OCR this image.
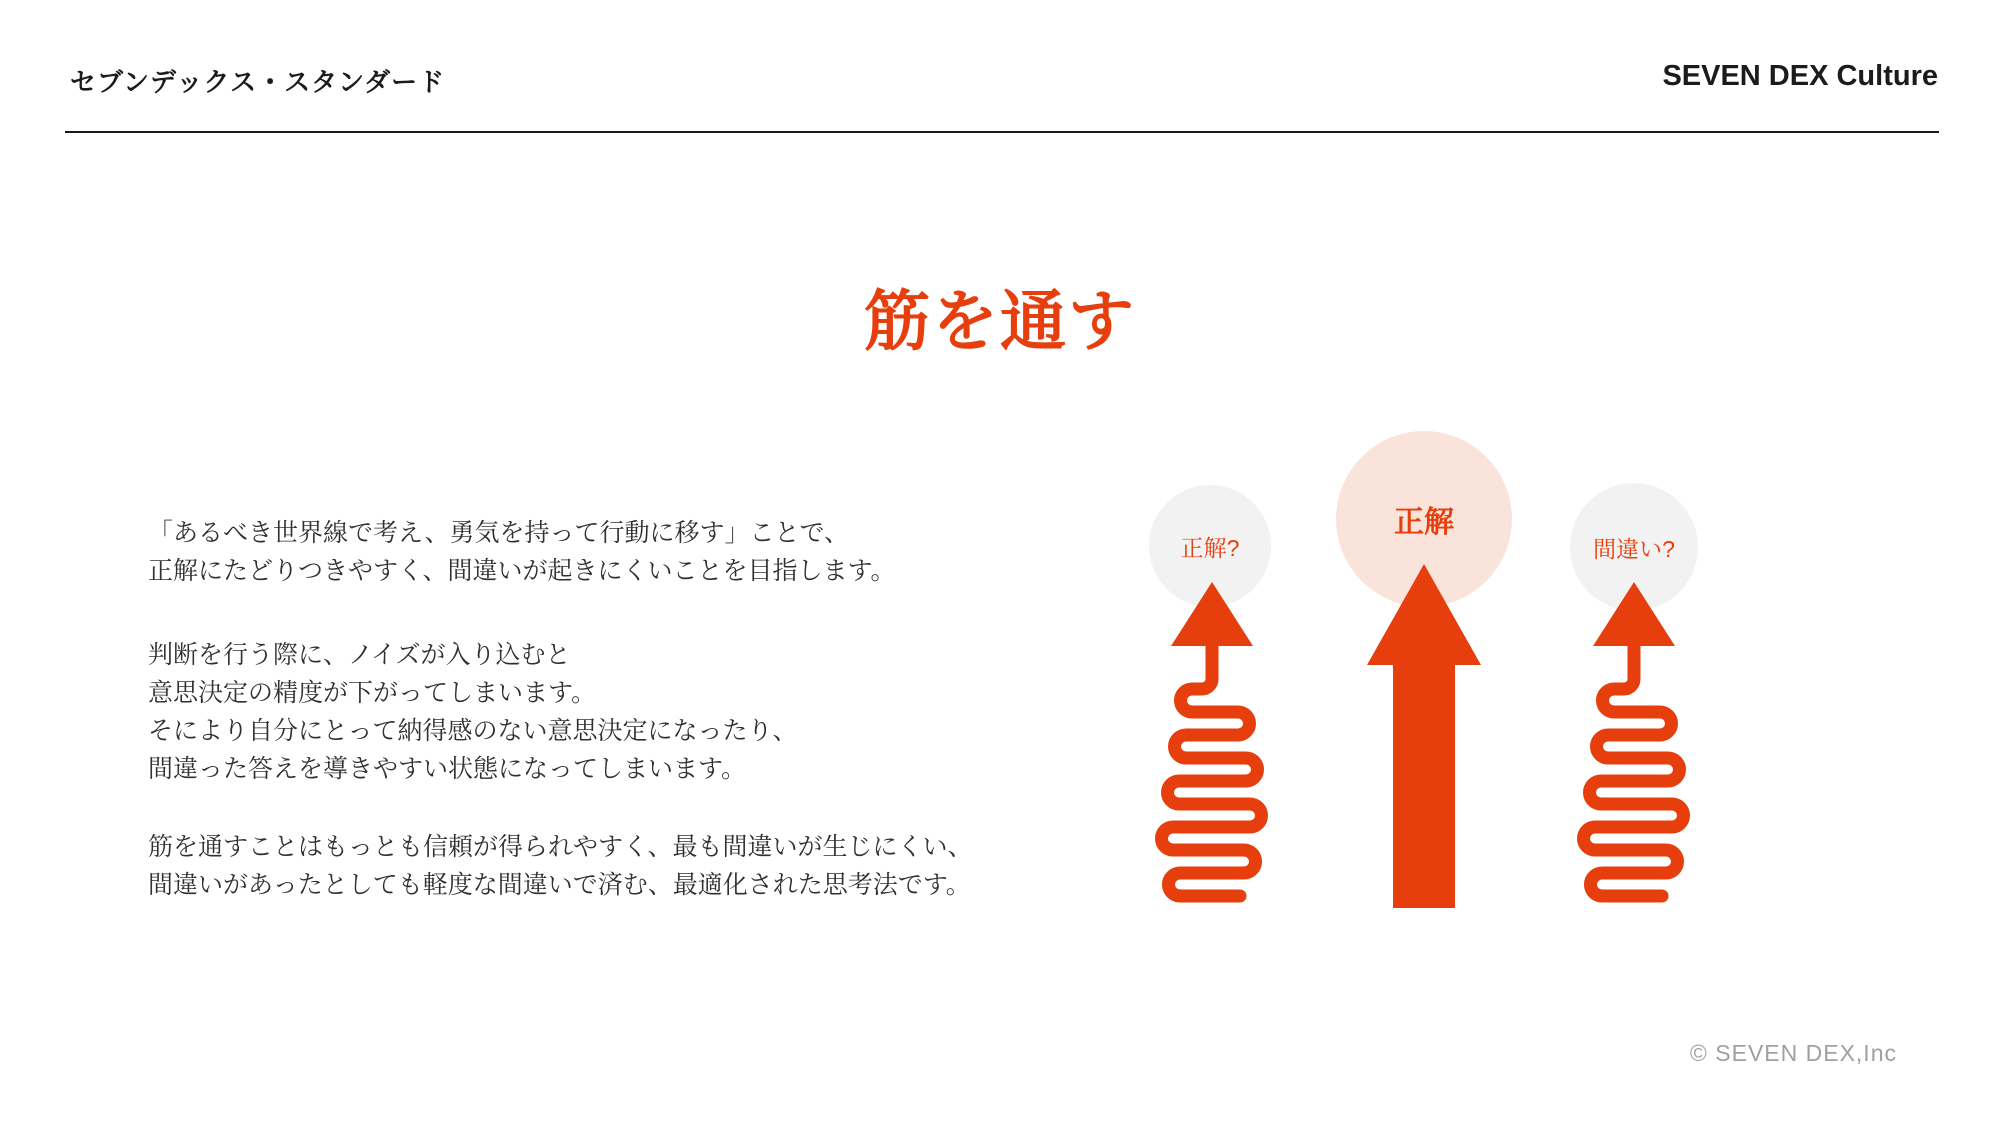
セブンデックス・スタンダード	SEVEN DEX Culture
筋を通す
「あるべき世界線で考え、勇気を持って行動に移す」ことで、
正解にたどりつきやすく、間違いが起きにくいことを目指します。
判断を行う際に、ノイズが入り込むと
意思決定の精度が下がってしまいます。
そにより自分にとって納得感のない意思決定になったり、
間違った答えを導きやすい状態になってしまいます。
筋を通すことはもっとも信頼が得られやすく、最も間違いが生じにくい、
間違いがあったとしても軽度な間違いで済む、最適化された思考法です。
正解?
正解
間違い?
© SEVEN DEX,Inc
